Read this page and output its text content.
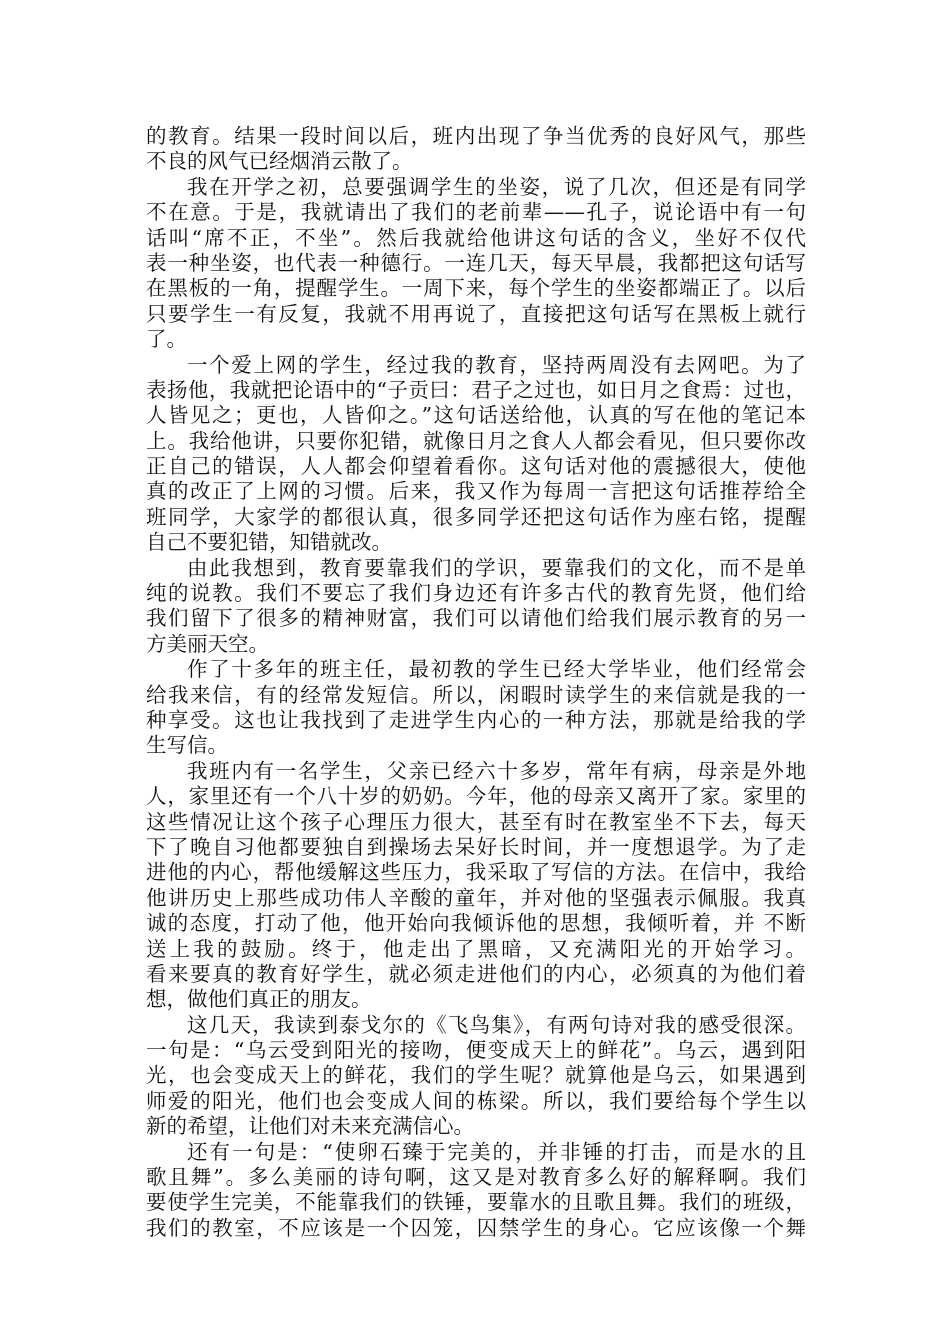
的教育。结果一段时间以后，班内出现了争当优秀的良好风气，那些
不良的风气已经烟消云散了。
我在开学之初，总要强调学生的坐姿，说了几次，但还是有同学
不在意。于是，我就请出了我们的老前辈——孔子，说论语中有一句
话叫“席不正，不坐”。然后我就给他讲这句话的含义，坐好不仅代
表一种坐姿，也代表一种德行。一连几天，每天早晨，我都把这句话写
在黑板的一角，提醒学生。一周下来，每个学生的坐姿都端正了。以后
只要学生一有反复，我就不用再说了，直接把这句话写在黑板上就行
了。
一个爱上网的学生，经过我的教育，坚持两周没有去网吧。为了
表扬他，我就把论语中的“子贡曰：君子之过也，如日月之食焉：过也，
人皆见之；更也，人皆仰之。”这句话送给他，认真的写在他的笔记本
上。我给他讲，只要你犯错，就像日月之食人人都会看见，但只要你改
正自己的错误，人人都会仰望着看你。这句话对他的震撼很大，使他
真的改正了上网的习惯。后来，我又作为每周一言把这句话推荐给全
班同学，大家学的都很认真，很多同学还把这句话作为座右铭，提醒
自己不要犯错，知错就改。
由此我想到，教育要靠我们的学识，要靠我们的文化，而不是单
纯的说教。我们不要忘了我们身边还有许多古代的教育先贤，他们给
我们留下了很多的精神财富，我们可以请他们给我们展示教育的另一
方美丽天空。
作了十多年的班主任，最初教的学生已经大学毕业，他们经常会
给我来信，有的经常发短信。所以，闲暇时读学生的来信就是我的一
种享受。这也让我找到了走进学生内心的一种方法，那就是给我的学
生写信。
我班内有一名学生，父亲已经六十多岁，常年有病，母亲是外地
人，家里还有一个八十岁的奶奶。今年，他的母亲又离开了家。家里的
这些情况让这个孩子心理压力很大，甚至有时在教室坐不下去，每天
下了晚自习他都要独自到操场去呆好长时间，并一度想退学。为了走
进他的内心，帮他缓解这些压力，我采取了写信的方法。在信中，我给
他讲历史上那些成功伟人辛酸的童年，并对他的坚强表示佩服。我真
诚的态度，打动了他，他开始向我倾诉他的思想，我倾听着，并 不断
送上我的鼓励。终于，他走出了黑暗，又充满阳光的开始学习。
看来要真的教育好学生，就必须走进他们的内心，必须真的为他们着
想，做他们真正的朋友。
这几天，我读到泰戈尔的《飞鸟集》，有两句诗对我的感受很深。
一句是：“乌云受到阳光的接吻，便变成天上的鲜花”。乌云，遇到阳
光，也会变成天上的鲜花，我们的学生呢？就算他是乌云，如果遇到
师爱的阳光，他们也会变成人间的栋梁。所以，我们要给每个学生以
新的希望，让他们对未来充满信心。
还有一句是：“使卵石臻于完美的，并非锤的打击，而是水的且
歌且舞”。多么美丽的诗句啊，这又是对教育多么好的解释啊。我们
要使学生完美，不能靠我们的铁锤，要靠水的且歌且舞。我们的班级，
我们的教室，不应该是一个囚笼，囚禁学生的身心。它应该像一个舞
